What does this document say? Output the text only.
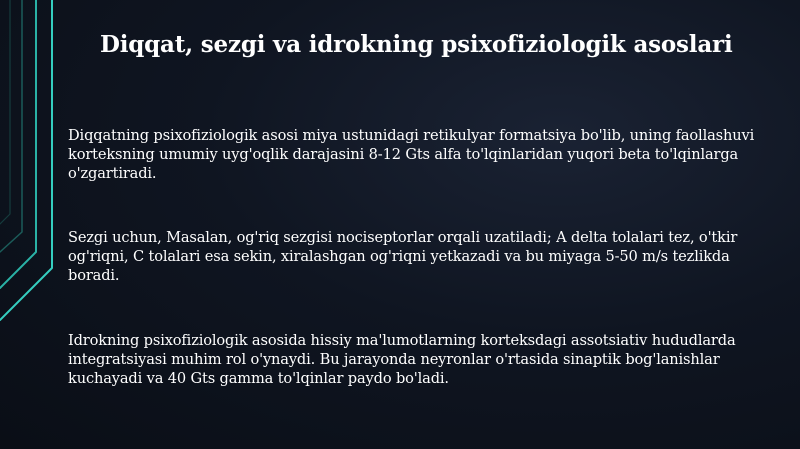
Diqqat, sezgi va idrokning psixofiziologik asoslari
Diqqatning psixofiziologik asosi miya ustunidagi retikulyar formatsiya bo'lib, uning faollashuvi korteksning umumiy uyg'oqlik darajasini 8-12 Gts alfa to'lqinlaridan yuqori beta to'lqinlarga o'zgartiradi.
Sezgi uchun, Masalan, og'riq sezgisi nociseptorlar orqali uzatiladi; A delta tolalari tez, o'tkir og'riqni, C tolalari esa sekin, xiralashgan og'riqni yetkazadi va bu miyaga 5-50 m/s tezlikda boradi.
Idrokning psixofiziologik asosida hissiy ma'lumotlarning korteksdagi assotsiativ hududlarda integratsiyasi muhim rol o'ynaydi. Bu jarayonda neyronlar o'rtasida sinaptik bog'lanishlar kuchayadi va 40 Gts gamma to'lqinlar paydo bo'ladi.
